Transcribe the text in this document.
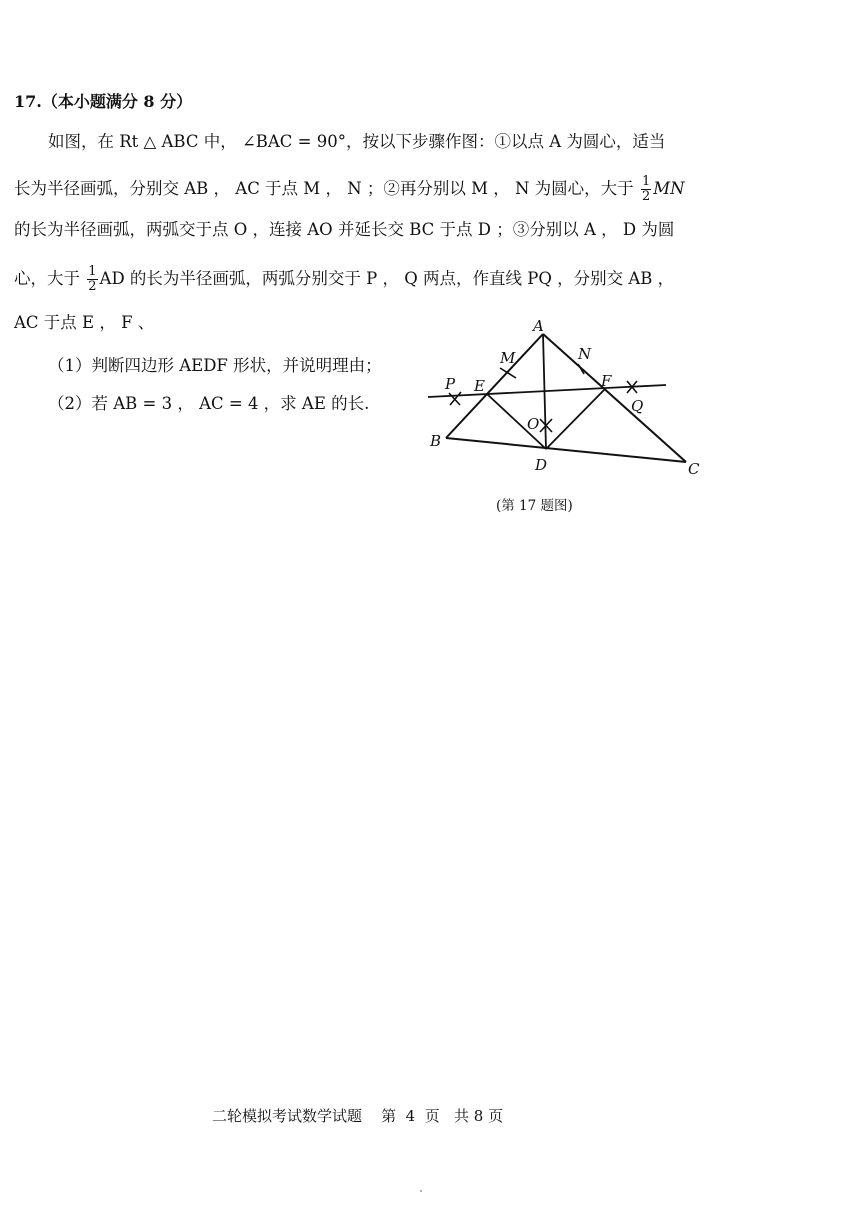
17.（本小题满分 8 分）
如图，在 Rt △ ABC 中， ∠BAC = 90°，按以下步骤作图：①以点 A 为圆心，适当
长为半径画弧，分别交 AB ， AC 于点 M ， N ；②再分别以 M ， N 为圆心，大于 $\frac{1}{2}$ MN
的长为半径画弧，两弧交于点 O ，连接 AO 并延长交 BC 于点 D ；③分别以 A ， D 为圆
心，大于 $\frac{1}{2}$ AD 的长为半径画弧，两弧分别交于 P ， Q 两点，作直线 PQ ，分别交 AB ，
AC 于点 E ， F 、
（1）判断四边形 AEDF 形状，并说明理由；
（2）若 AB = 3 ， AC = 4 ，求 AE 的长.
A
B
C
D
E	F
M	N
O
P
Q
(第 17 题图)
二轮模拟考试数学试题    第  4  页   共 8 页
